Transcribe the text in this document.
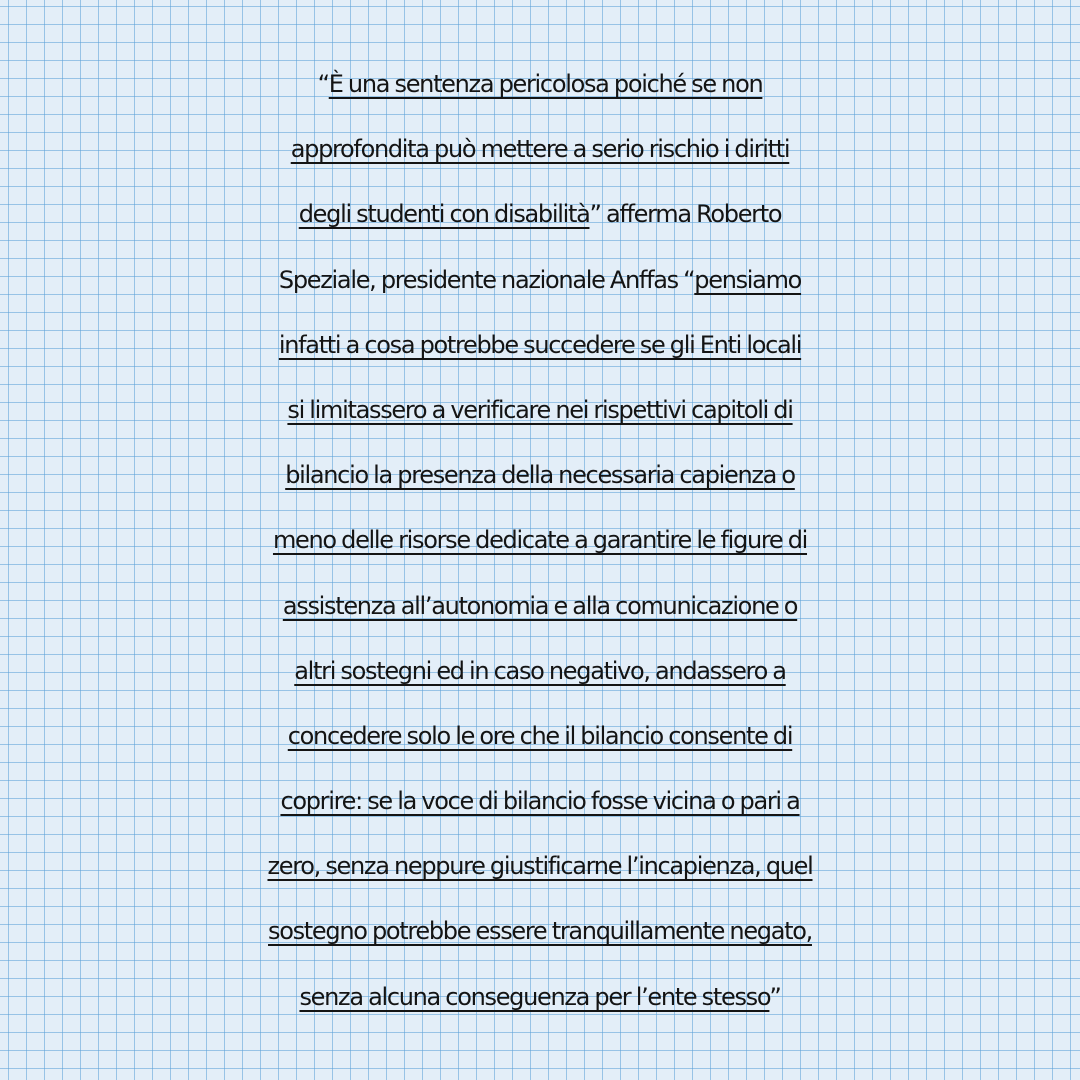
“È una sentenza pericolosa poiché se non
approfondita può mettere a serio rischio i diritti
degli studenti con disabilità” afferma Roberto
Speziale, presidente nazionale Anffas “pensiamo
infatti a cosa potrebbe succedere se gli Enti locali
si limitassero a verificare nei rispettivi capitoli di
bilancio la presenza della necessaria capienza o
meno delle risorse dedicate a garantire le figure di
assistenza all’autonomia e alla comunicazione o
altri sostegni ed in caso negativo, andassero a
concedere solo le ore che il bilancio consente di
coprire: se la voce di bilancio fosse vicina o pari a
zero, senza neppure giustificarne l’incapienza, quel
sostegno potrebbe essere tranquillamente negato,
senza alcuna conseguenza per l’ente stesso”
